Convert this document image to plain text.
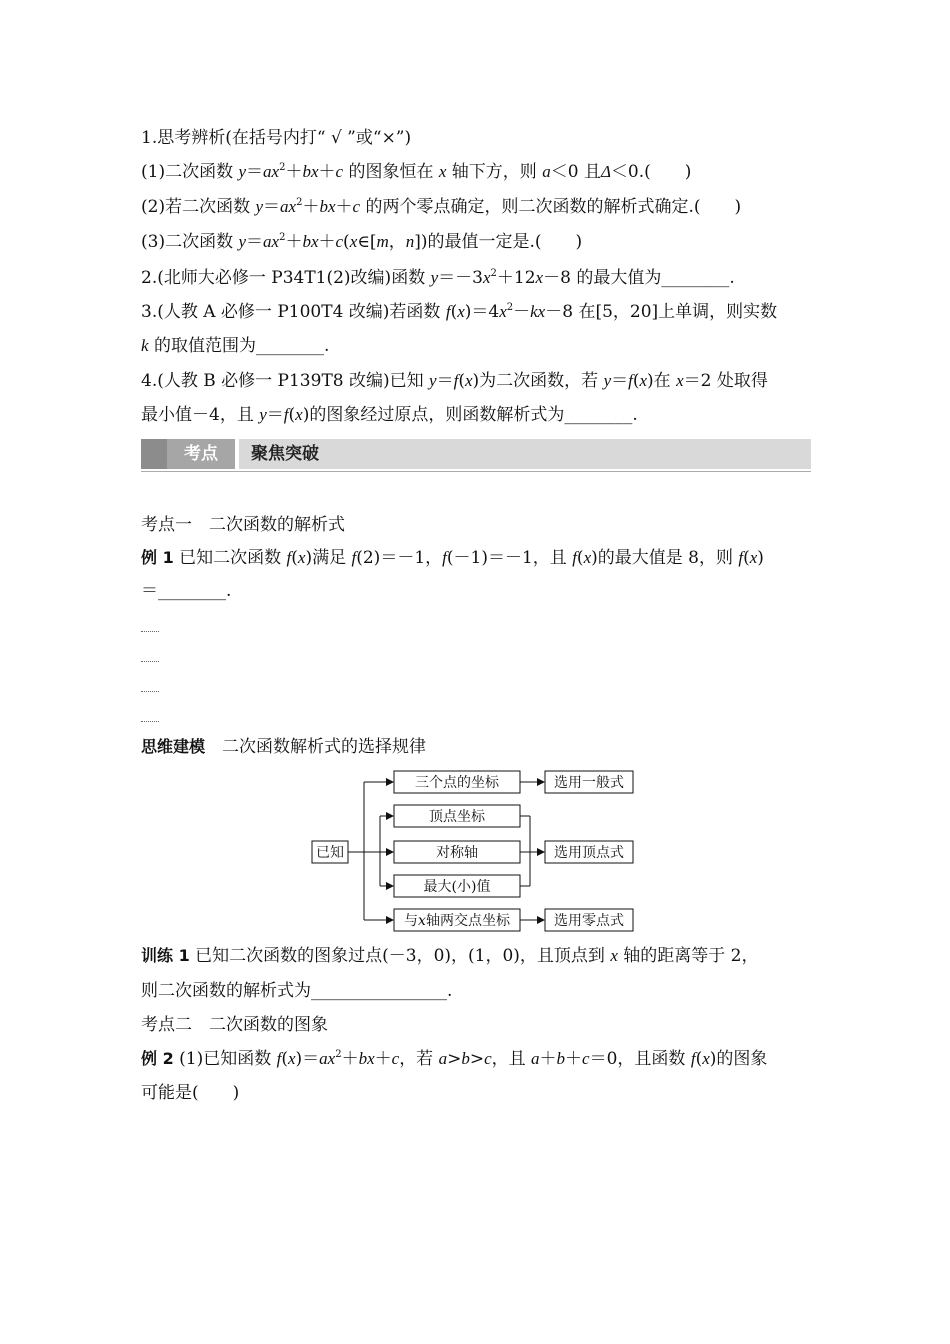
1.思考辨析(在括号内打“ √ ”或“×”)
(1)二次函数 $y=ax^2+bx+c$ 的图象恒在 x 轴下方，则 a＜0 且Δ＜0.(　　)
(2)若二次函数 $y=ax^2+bx+c$ 的两个零点确定，则二次函数的解析式确定.(　　)
(3)二次函数 $y=ax^2+bx+c(x\in[m$，n])的最值一定是.(　　)
2.(北师大必修一 P34T1(2)改编)函数 $y=-3x^2+12x-8$ 的最大值为________.
3.(人教 A 必修一 P100T4 改编)若函数 $f(x)=4x^2-kx-8$ 在[5，20]上单调，则实数
k 的取值范围为________.
4.(人教 B 必修一 P139T8 改编)已知 y＝f(x)为二次函数，若 y＝f(x)在 x＝2 处取得
最小值－4，且 y＝f(x)的图象经过原点，则函数解析式为________.
考点	聚焦突破
考点一　二次函数的解析式
例 1 已知二次函数 f(x)满足 f(2)＝－1，f(－1)＝－1，且 f(x)的最大值是 8，则 f(x)
＝________.
思维建模　二次函数解析式的选择规律
已知
三个点的坐标
顶点坐标
对称轴
最大(小)值
与x轴两交点坐标
选用一般式
选用顶点式
选用零点式
训练 1 已知二次函数的图象过点(－3，0)，(1，0)，且顶点到 x 轴的距离等于 2，
则二次函数的解析式为________________.
考点二　二次函数的图象
例 2 (1)已知函数 $f(x)=ax^2+bx+c$，若 a>b>c，且 a＋b＋c＝0，且函数 f(x)的图象
可能是(　　)
